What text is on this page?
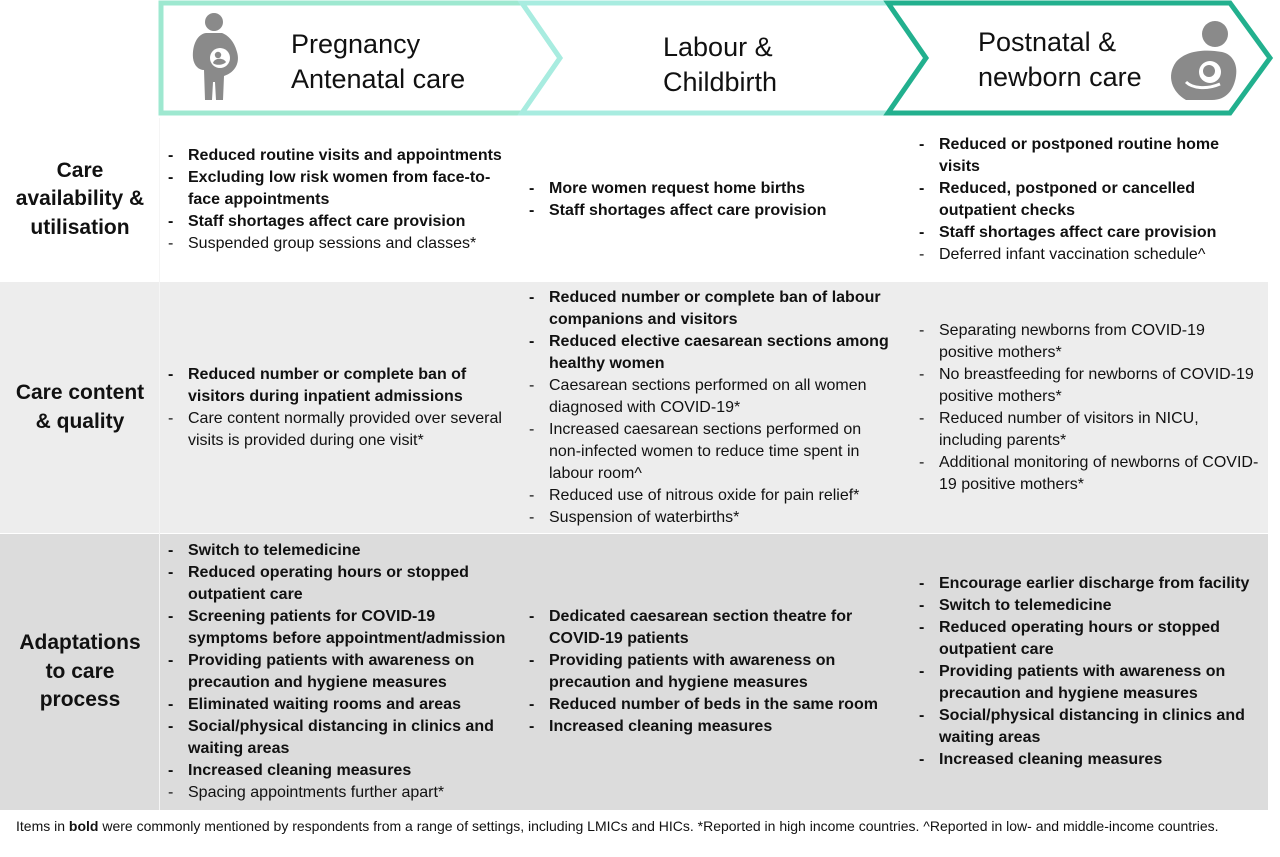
Pregnancy
Antenatal care
Labour &
Childbirth
Postnatal &
newborn care
Care
availability &
utilisation
Care content
& quality
Adaptations
to care
process
- Reduced routine visits and appointments
- Excluding low risk women from face-to-face appointments
- Staff shortages affect care provision
- Suspended group sessions and classes*
- More women request home births
- Staff shortages affect care provision
- Reduced or postponed routine home visits
- Reduced, postponed or cancelled outpatient checks
- Staff shortages affect care provision
- Deferred infant vaccination schedule^
- Reduced number or complete ban of visitors during inpatient admissions
- Care content normally provided over several visits is provided during one visit*
- Reduced number or complete ban of labour companions and visitors
- Reduced elective caesarean sections among healthy women
- Caesarean sections performed on all women diagnosed with COVID-19*
- Increased caesarean sections performed on non-infected women to reduce time spent in labour room^
- Reduced use of nitrous oxide for pain relief*
- Suspension of waterbirths*
- Separating newborns from COVID-19 positive mothers*
- No breastfeeding for newborns of COVID-19 positive mothers*
- Reduced number of visitors in NICU, including parents*
- Additional monitoring of newborns of COVID-19 positive mothers*
- Switch to telemedicine
- Reduced operating hours or stopped outpatient care
- Screening patients for COVID-19 symptoms before appointment/admission
- Providing patients with awareness on precaution and hygiene measures
- Eliminated waiting rooms and areas
- Social/physical distancing in clinics and waiting areas
- Increased cleaning measures
- Spacing appointments further apart*
- Dedicated caesarean section theatre for COVID-19 patients
- Providing patients with awareness on precaution and hygiene measures
- Reduced number of beds in the same room
- Increased cleaning measures
- Encourage earlier discharge from facility
- Switch to telemedicine
- Reduced operating hours or stopped outpatient care
- Providing patients with awareness on precaution and hygiene measures
- Social/physical distancing in clinics and waiting areas
- Increased cleaning measures
Items in bold were commonly mentioned by respondents from a range of settings, including LMICs and HICs. *Reported in high income countries. ^Reported in low- and middle-income countries.
